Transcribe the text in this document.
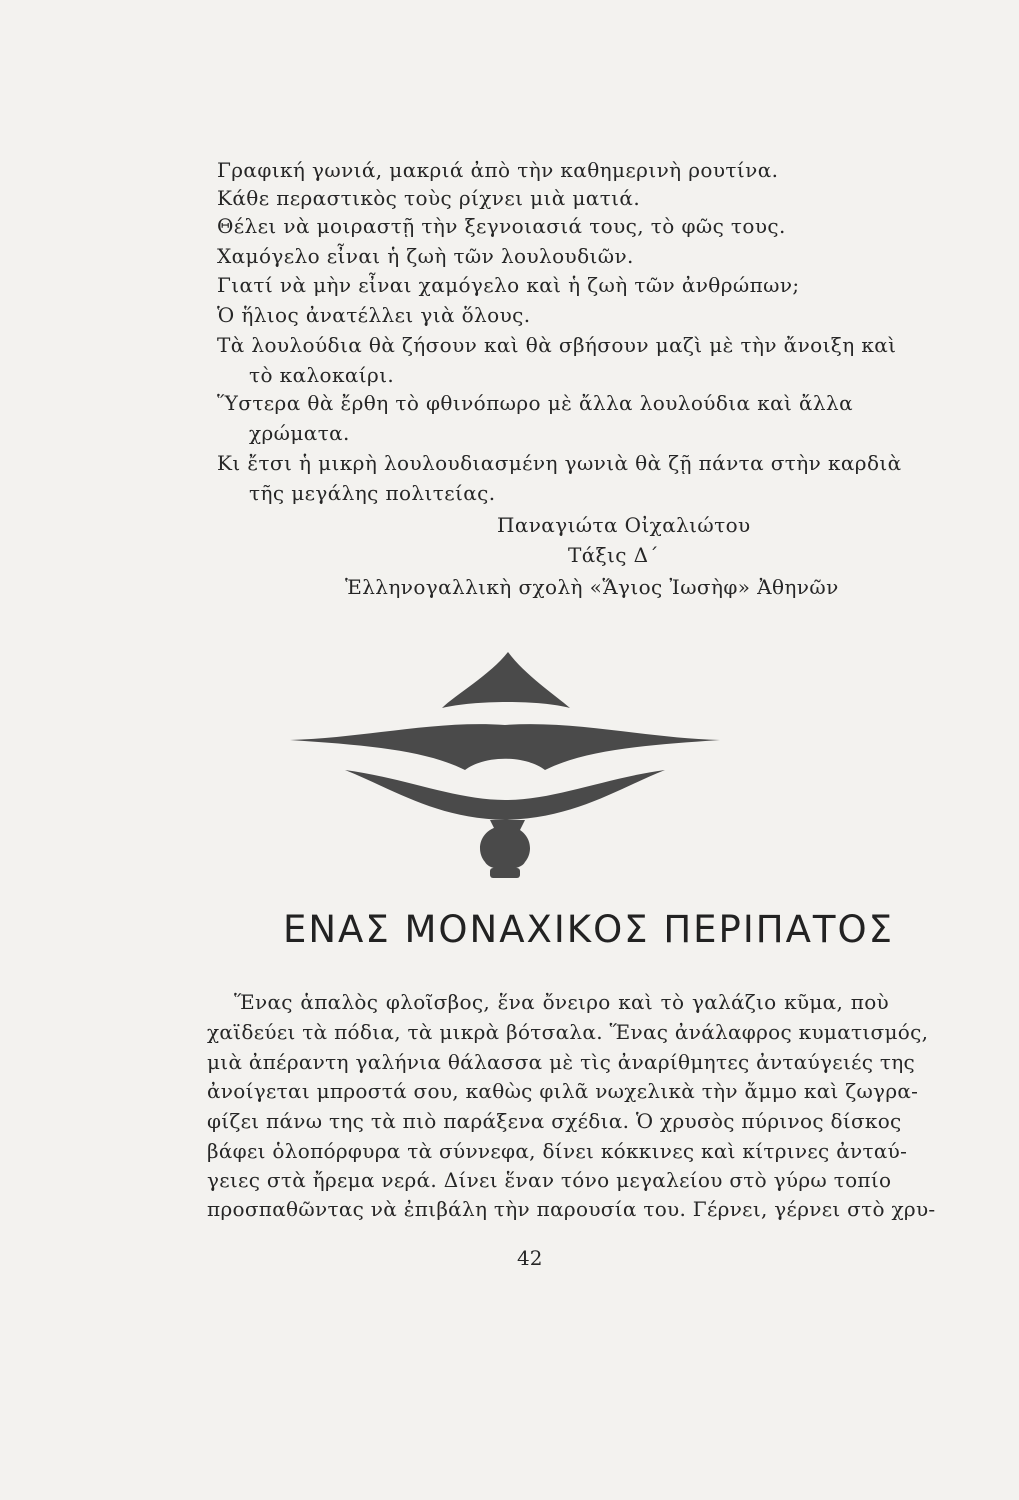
Γραφική γωνιά, μακριά ἀπὸ τὴν καθημερινὴ ρουτίνα.
Κάθε περαστικὸς τοὺς ρίχνει μιὰ ματιά.
Θέλει νὰ μοιραστῇ τὴν ξεγνοιασιά τους, τὸ φῶς τους.
Χαμόγελο εἶναι ἡ ζωὴ τῶν λουλουδιῶν.
Γιατί νὰ μὴν εἶναι χαμόγελο καὶ ἡ ζωὴ τῶν ἀνθρώπων;
Ὁ ἥλιος ἀνατέλλει γιὰ ὅλους.
Τὰ λουλούδια θὰ ζήσουν καὶ θὰ σβήσουν μαζὶ μὲ τὴν ἄνοιξη καὶ
τὸ καλοκαίρι.
Ὕστερα θὰ ἔρθη τὸ φθινόπωρο μὲ ἄλλα λουλούδια καὶ ἄλλα
χρώματα.
Κι ἔτσι ἡ μικρὴ λουλουδιασμένη γωνιὰ θὰ ζῇ πάντα στὴν καρδιὰ
τῆς μεγάλης πολιτείας.
Παναγιώτα Οἰχαλιώτου
Τάξις Δ΄
Ἑλληνογαλλικὴ σχολὴ «Ἅγιος Ἰωσὴφ» Ἀθηνῶν
ΕΝΑΣ ΜΟΝΑΧΙΚΟΣ ΠΕΡΙΠΑΤΟΣ
Ἕνας ἁπαλὸς φλοῖσβος, ἕνα ὄνειρο καὶ τὸ γαλάζιο κῦμα, ποὺ
χαϊδεύει τὰ πόδια, τὰ μικρὰ βότσαλα. Ἕνας ἀνάλαφρος κυματισμός,
μιὰ ἀπέραντη γαλήνια θάλασσα μὲ τὶς ἀναρίθμητες ἀνταύγειές της
ἀνοίγεται μπροστά σου, καθὼς φιλᾶ νωχελικὰ τὴν ἄμμο καὶ ζωγρα-
φίζει πάνω της τὰ πιὸ παράξενα σχέδια. Ὁ χρυσὸς πύρινος δίσκος
βάφει ὁλοπόρφυρα τὰ σύννεφα, δίνει κόκκινες καὶ κίτρινες ἀνταύ-
γειες στὰ ἤρεμα νερά. Δίνει ἕναν τόνο μεγαλείου στὸ γύρω τοπίο
προσπαθῶντας νὰ ἐπιβάλη τὴν παρουσία του. Γέρνει, γέρνει στὸ χρυ-
42
